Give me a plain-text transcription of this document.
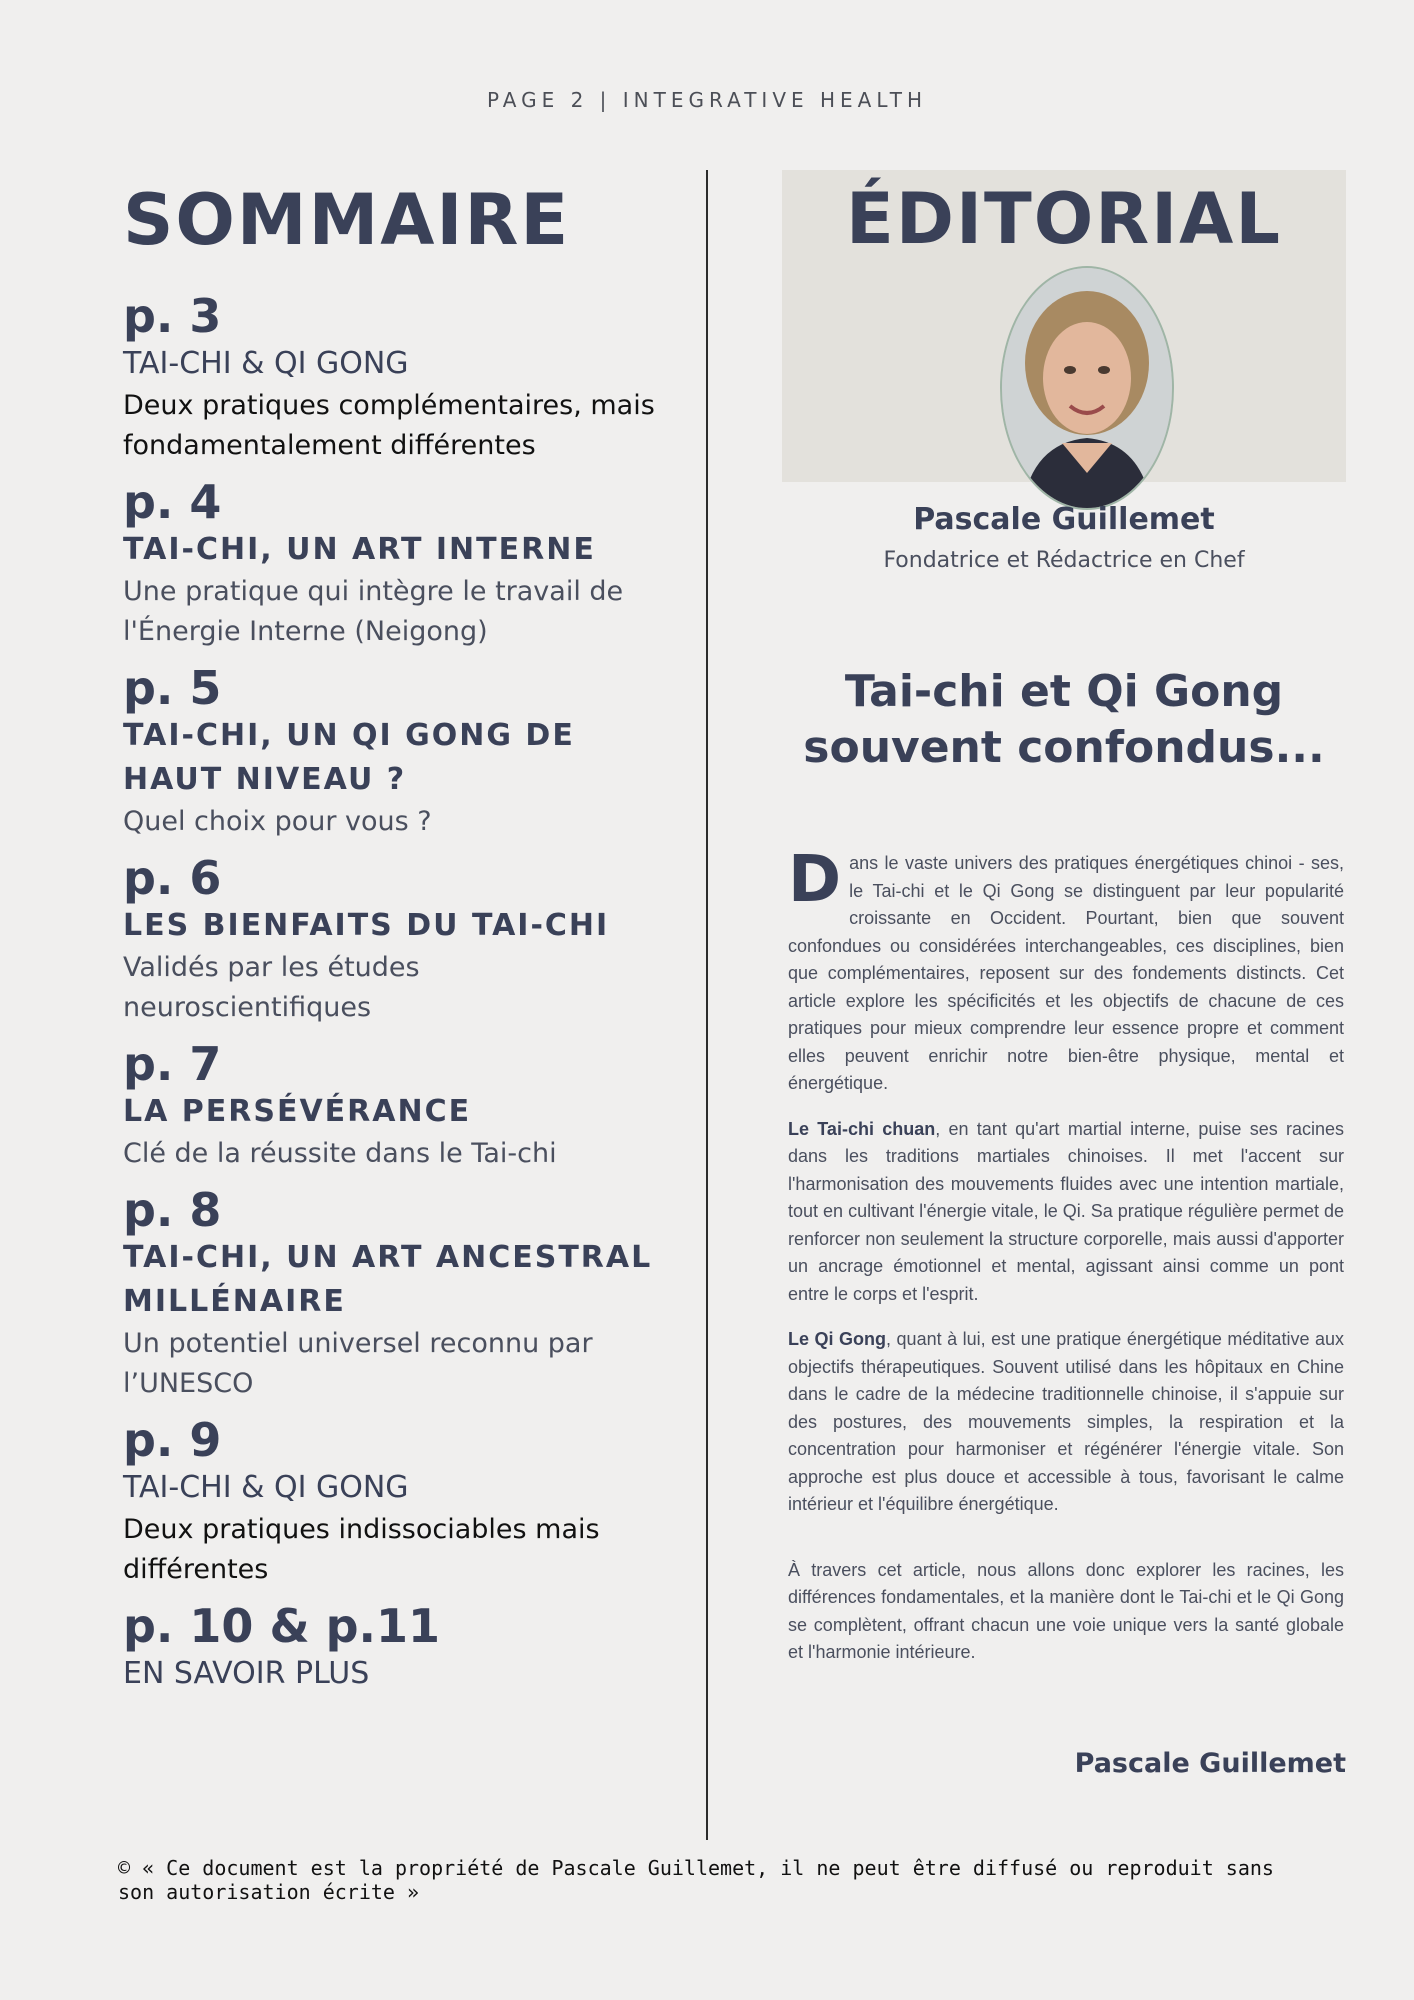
PAGE 2 | INTEGRATIVE HEALTH
SOMMAIRE
p. 3
TAI-CHI & QI GONG
Deux pratiques complémentaires, mais fondamentalement différentes
p. 4
TAI-CHI, UN ART INTERNE
Une pratique qui intègre le travail de l'Énergie Interne (Neigong)
p. 5
TAI-CHI, UN QI GONG DE HAUT NIVEAU ?
Quel choix pour vous ?
p. 6
LES BIENFAITS DU TAI-CHI
Validés par les études neuroscientifiques
p. 7
LA PERSÉVÉRANCE
Clé de la réussite dans le Tai-chi
p. 8
TAI-CHI, UN ART ANCESTRAL MILLÉNAIRE
Un potentiel universel reconnu par l’UNESCO
p. 9
TAI-CHI & QI GONG
Deux pratiques indissociables mais différentes
p. 10 & p.11
EN SAVOIR PLUS
ÉDITORIAL
Pascale Guillemet
Fondatrice et Rédactrice en Chef
Tai-chi et Qi Gong souvent confondus...

Dans le vaste univers des pratiques énergétiques chinoi - ses, le Tai-chi et le Qi Gong se distinguent par leur popularité croissante en Occident. Pourtant, bien que souvent confondues ou considérées interchangeables, ces disciplines, bien que complémentaires, reposent sur des fondements distincts. Cet article explore les spécificités et les objectifs de chacune de ces pratiques pour mieux comprendre leur essence propre et comment elles peuvent enrichir notre bien-être physique, mental et énergétique.

Le Tai-chi chuan, en tant qu'art martial interne, puise ses racines dans les traditions martiales chinoises. Il met l'accent sur l'harmonisation des mouvements fluides avec une intention martiale, tout en cultivant l'énergie vitale, le Qi. Sa pratique régulière permet de renforcer non seulement la structure corporelle, mais aussi d'apporter un ancrage émotionnel et mental, agissant ainsi comme un pont entre le corps et l'esprit.

Le Qi Gong, quant à lui, est une pratique énergétique méditative aux objectifs thérapeutiques. Souvent utilisé dans les hôpitaux en Chine dans le cadre de la médecine traditionnelle chinoise, il s'appuie sur des postures, des mouvements simples, la respiration et la concentration pour harmoniser et régénérer l'énergie vitale. Son approche est plus douce et accessible à tous, favorisant le calme intérieur et l'équilibre énergétique.

À travers cet article, nous allons donc explorer les racines, les différences fondamentales, et la manière dont le Tai-chi et le Qi Gong se complètent, offrant chacun une voie unique vers la santé globale et l'harmonie intérieure.

Pascale Guillemet
© « Ce document est la propriété de Pascale Guillemet, il ne peut être diffusé ou reproduit sans son autorisation écrite »
